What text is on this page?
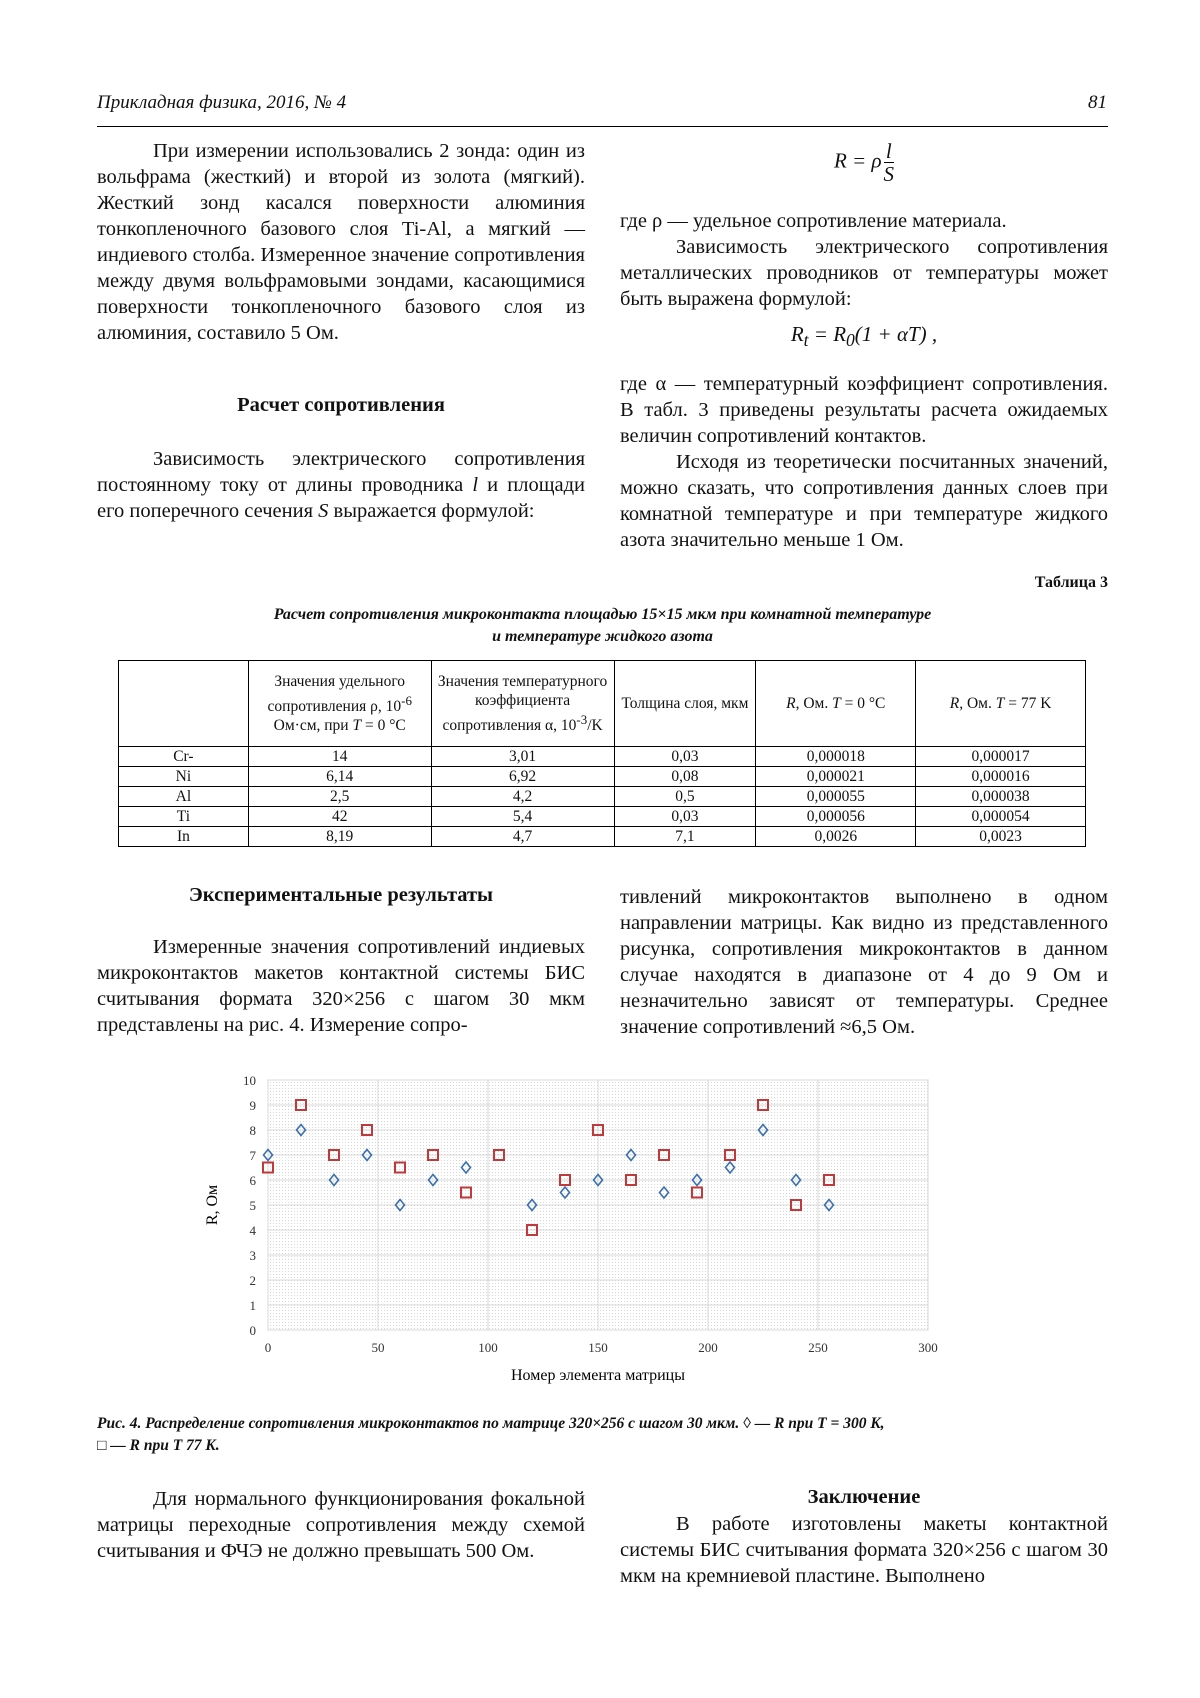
Прикладная физика, 2016, № 4	81

При измерении использовались 2 зонда: один из вольфрама (жесткий) и второй из золота (мягкий). Жесткий зонд касался поверхности алюминия тонкопленочного базового слоя Ti-Al, а мягкий — индиевого столба. Измеренное значение сопротивления между двумя вольфрамовыми зондами, касающимися поверхности тонкопленочного базового слоя из алюминия, составило 5 Ом.

Расчет сопротивления

Зависимость электрического сопротивления постоянному току от длины проводника l и площади его поперечного сечения S выражается формулой:

R = ρ $\frac{l}{S}$

где ρ — удельное сопротивление материала.

Зависимость электрического сопротивления металлических проводников от температуры может быть выражена формулой:

$R_t = R_0(1 + \alpha T)$ ,

где α — температурный коэффициент сопротивления. В табл. 3 приведены результаты расчета ожидаемых величин сопротивлений контактов.

Исходя из теоретически посчитанных значений, можно сказать, что сопротивления данных слоев при комнатной температуре и при температуре жидкого азота значительно меньше 1 Ом.

Таблица 3
Расчет сопротивления микроконтакта площадью 15×15 мкм при комнатной температуре
и температуре жидкого азота
	Значения удельного сопротивления ρ, $10^{-6}$ Ом·см, при T = 0 °C	Значения температурного коэффициента сопротивления α, $10^{-3}/K$	Толщина слоя, мкм	R, Ом. T = 0 °C	R, Ом. T = 77 K
Cr-	14	3,01	0,03	0,000018	0,000017
Ni	6,14	6,92	0,08	0,000021	0,000016
Al	2,5	4,2	0,5	0,000055	0,000038
Ti	42	5,4	0,03	0,000056	0,000054
In	8,19	4,7	7,1	0,0026	0,0023
Экспериментальные результаты

Измеренные значения сопротивлений индиевых микроконтактов макетов контактной системы БИС считывания формата 320×256 с шагом 30 мкм представлены на рис. 4. Измерение сопро-

тивлений микроконтактов выполнено в одном направлении матрицы. Как видно из представленного рисунка, сопротивления микроконтактов в данном случае находятся в диапазоне от 4 до 9 Ом и незначительно зависят от температуры. Среднее значение сопротивлений ≈6,5 Ом.

0
1
2
3
4
5
6
7
8
9
10
0	50	100	150	200	250	300
R, Ом
Номер элемента матрицы
Рис. 4. Распределение сопротивления микроконтактов по матрице 320×256 с шагом 30 мкм. ◊ — R при T = 300 K,
□ — R при T 77 K.

Для нормального функционирования фокальной матрицы переходные сопротивления между схемой считывания и ФЧЭ не должно превышать 500 Ом.

Заключение

В работе изготовлены макеты контактной системы БИС считывания формата 320×256 с шагом 30 мкм на кремниевой пластине. Выполнено
